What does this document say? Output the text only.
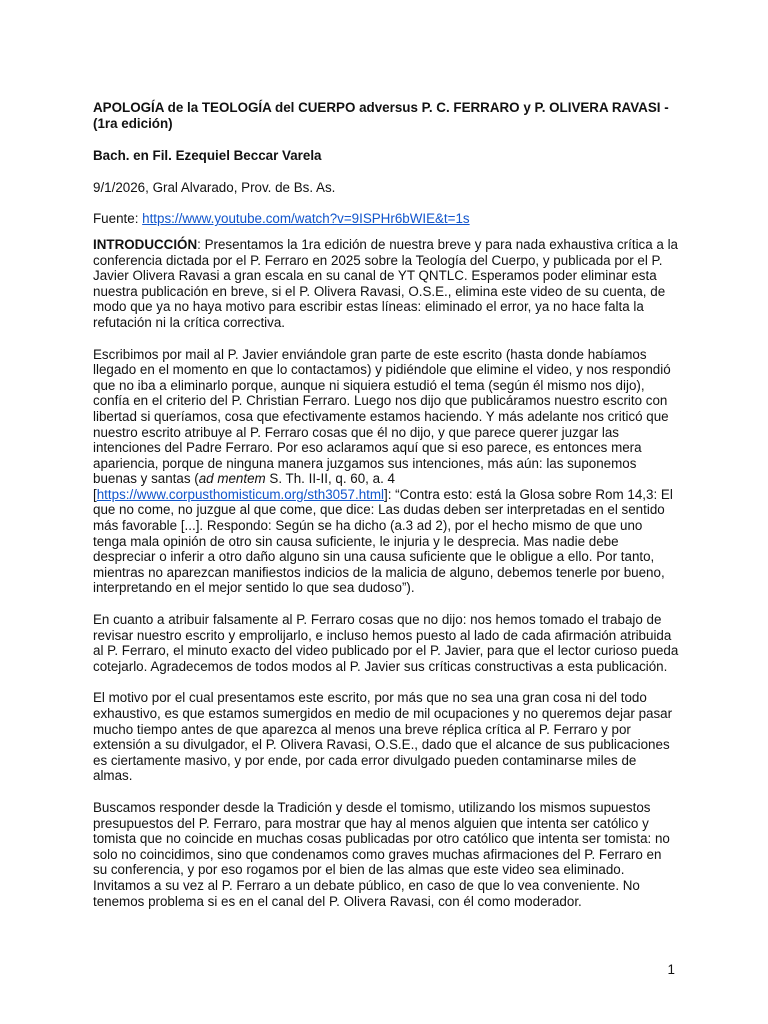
APOLOGÍA de la TEOLOGÍA del CUERPO adversus P. C. FERRARO y P. OLIVERA RAVASI - (1ra edición)
Bach. en Fil. Ezequiel Beccar Varela
9/1/2026, Gral Alvarado, Prov. de Bs. As.
Fuente: https://www.youtube.com/watch?v=9ISPHr6bWIE&t=1s
INTRODUCCIÓN: Presentamos la 1ra edición de nuestra breve y para nada exhaustiva crítica a la conferencia dictada por el P. Ferraro en 2025 sobre la Teología del Cuerpo, y publicada por el P. Javier Olivera Ravasi a gran escala en su canal de YT QNTLC. Esperamos poder eliminar esta nuestra publicación en breve, si el P. Olivera Ravasi, O.S.E., elimina este video de su cuenta, de modo que ya no haya motivo para escribir estas líneas: eliminado el error, ya no hace falta la refutación ni la crítica correctiva.
Escribimos por mail al P. Javier enviándole gran parte de este escrito (hasta donde habíamos llegado en el momento en que lo contactamos) y pidiéndole que elimine el video, y nos respondió que no iba a eliminarlo porque, aunque ni siquiera estudió el tema (según él mismo nos dijo), confía en el criterio del P. Christian Ferraro. Luego nos dijo que publicáramos nuestro escrito con libertad si queríamos, cosa que efectivamente estamos haciendo. Y más adelante nos criticó que nuestro escrito atribuye al P. Ferraro cosas que él no dijo, y que parece querer juzgar las intenciones del Padre Ferraro. Por eso aclaramos aquí que si eso parece, es entonces mera apariencia, porque de ninguna manera juzgamos sus intenciones, más aún: las suponemos buenas y santas (ad mentem S. Th. II-II, q. 60, a. 4 [https://www.corpusthomisticum.org/sth3057.html]: “Contra esto: está la Glosa sobre Rom 14,3: El que no come, no juzgue al que come, que dice: Las dudas deben ser interpretadas en el sentido más favorable [...]. Respondo: Según se ha dicho (a.3 ad 2), por el hecho mismo de que uno tenga mala opinión de otro sin causa suficiente, le injuria y le desprecia. Mas nadie debe despreciar o inferir a otro daño alguno sin una causa suficiente que le obligue a ello. Por tanto, mientras no aparezcan manifiestos indicios de la malicia de alguno, debemos tenerle por bueno, interpretando en el mejor sentido lo que sea dudoso”).
En cuanto a atribuir falsamente al P. Ferraro cosas que no dijo: nos hemos tomado el trabajo de revisar nuestro escrito y emprolijarlo, e incluso hemos puesto al lado de cada afirmación atribuida al P. Ferraro, el minuto exacto del video publicado por el P. Javier, para que el lector curioso pueda cotejarlo. Agradecemos de todos modos al P. Javier sus críticas constructivas a esta publicación.
El motivo por el cual presentamos este escrito, por más que no sea una gran cosa ni del todo exhaustivo, es que estamos sumergidos en medio de mil ocupaciones y no queremos dejar pasar mucho tiempo antes de que aparezca al menos una breve réplica crítica al P. Ferraro y por extensión a su divulgador, el P. Olivera Ravasi, O.S.E., dado que el alcance de sus publicaciones es ciertamente masivo, y por ende, por cada error divulgado pueden contaminarse miles de almas.
Buscamos responder desde la Tradición y desde el tomismo, utilizando los mismos supuestos presupuestos del P. Ferraro, para mostrar que hay al menos alguien que intenta ser católico y tomista que no coincide en muchas cosas publicadas por otro católico que intenta ser tomista: no solo no coincidimos, sino que condenamos como graves muchas afirmaciones del P. Ferraro en su conferencia, y por eso rogamos por el bien de las almas que este video sea eliminado. Invitamos a su vez al P. Ferraro a un debate público, en caso de que lo vea conveniente. No tenemos problema si es en el canal del P. Olivera Ravasi, con él como moderador.
1
